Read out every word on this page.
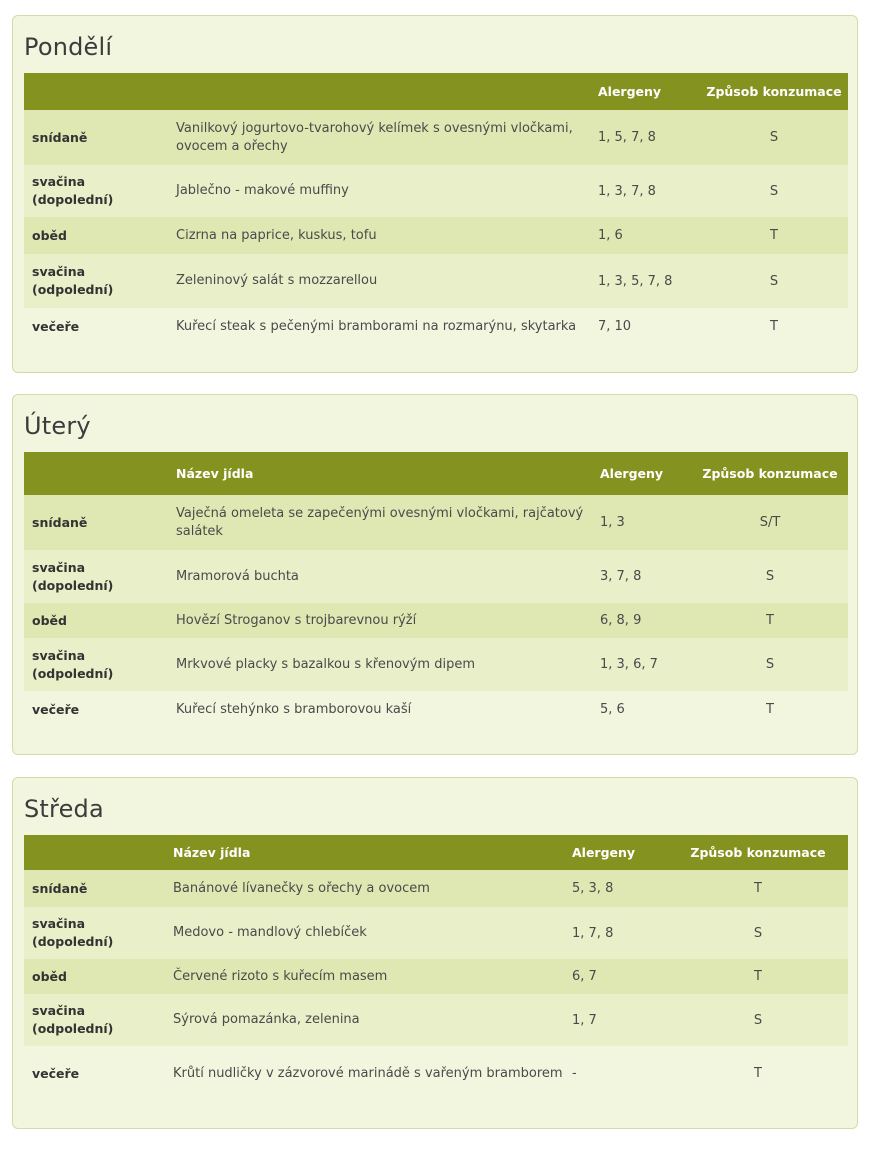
Pondělí
		Alergeny	Způsob konzumace
snídaně	Vanilkový jogurtovo-tvarohový kelímek s ovesnými vločkami, ovocem a ořechy	1, 5, 7, 8	S
svačina (dopolední)	Jablečno - makové muffiny	1, 3, 7, 8	S
oběd	Cizrna na paprice, kuskus, tofu	1, 6	T
svačina (odpolední)	Zeleninový salát s mozzarellou	1, 3, 5, 7, 8	S
večeře	Kuřecí steak s pečenými bramborami na rozmarýnu, skytarka	7, 10	T
Úterý
	Název jídla	Alergeny	Způsob konzumace
snídaně	Vaječná omeleta se zapečenými ovesnými vločkami, rajčatový salátek	1, 3	S/T
svačina (dopolední)	Mramorová buchta	3, 7, 8	S
oběd	Hovězí Stroganov s trojbarevnou rýží	6, 8, 9	T
svačina (odpolední)	Mrkvové placky s bazalkou s křenovým dipem	1, 3, 6, 7	S
večeře	Kuřecí stehýnko s bramborovou kaší	5, 6	T
Středa
	Název jídla	Alergeny	Způsob konzumace
snídaně	Banánové lívanečky s ořechy a ovocem	5, 3, 8	T
svačina (dopolední)	Medovo - mandlový chlebíček	1, 7, 8	S
oběd	Červené rizoto s kuřecím masem	6, 7	T
svačina (odpolední)	Sýrová pomazánka, zelenina	1, 7	S
večeře	Krůtí nudličky v zázvorové marinádě s vařeným bramborem	-	T
